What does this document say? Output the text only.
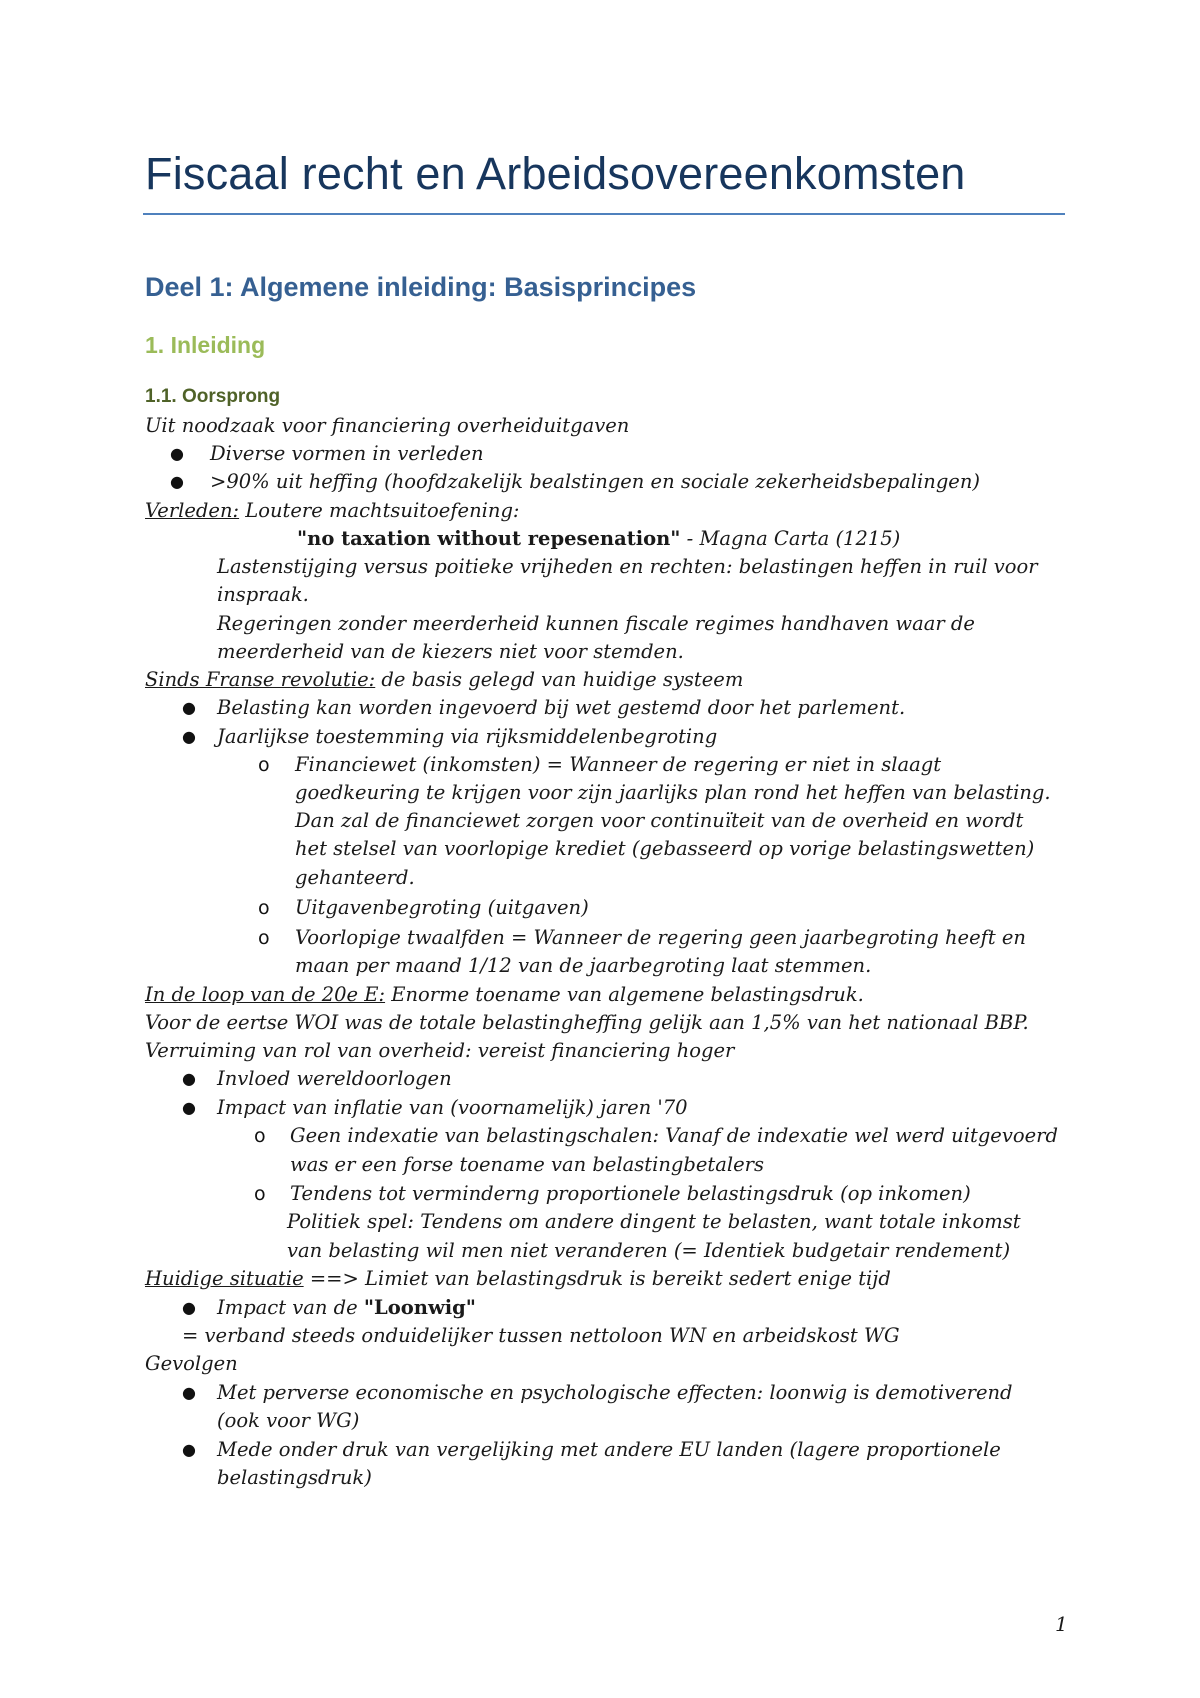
Fiscaal recht en Arbeidsovereenkomsten
Deel 1: Algemene inleiding: Basisprincipes
1. Inleiding
1.1. Oorsprong
Uit noodzaak voor financiering overheiduitgaven
● Diverse vormen in verleden
● >90% uit heffing (hoofdzakelijk bealstingen en sociale zekerheidsbepalingen)
Verleden: Loutere machtsuitoefening:
"no taxation without repesenation" - Magna Carta (1215)
Lastenstijging versus poitieke vrijheden en rechten: belastingen heffen in ruil voor
inspraak.
Regeringen zonder meerderheid kunnen fiscale regimes handhaven waar de
meerderheid van de kiezers niet voor stemden.
Sinds Franse revolutie: de basis gelegd van huidige systeem
● Belasting kan worden ingevoerd bij wet gestemd door het parlement.
● Jaarlijkse toestemming via rijksmiddelenbegroting
o Financiewet (inkomsten) = Wanneer de regering er niet in slaagt
goedkeuring te krijgen voor zijn jaarlijks plan rond het heffen van belasting.
Dan zal de financiewet zorgen voor continuïteit van de overheid en wordt
het stelsel van voorlopige krediet (gebasseerd op vorige belastingswetten)
gehanteerd.
o Uitgavenbegroting (uitgaven)
o Voorlopige twaalfden = Wanneer de regering geen jaarbegroting heeft en
maan per maand 1/12 van de jaarbegroting laat stemmen.
In de loop van de 20e E: Enorme toename van algemene belastingsdruk.
Voor de eertse WOI was de totale belastingheffing gelijk aan 1,5% van het nationaal BBP.
Verruiming van rol van overheid: vereist financiering hoger
● Invloed wereldoorlogen
● Impact van inflatie van (voornamelijk) jaren '70
o Geen indexatie van belastingschalen: Vanaf de indexatie wel werd uitgevoerd
was er een forse toename van belastingbetalers
o Tendens tot verminderng proportionele belastingsdruk (op inkomen)
Politiek spel: Tendens om andere dingent te belasten, want totale inkomst
van belasting wil men niet veranderen (= Identiek budgetair rendement)
Huidige situatie ==> Limiet van belastingsdruk is bereikt sedert enige tijd
● Impact van de "Loonwig"
= verband steeds onduidelijker tussen nettoloon WN en arbeidskost WG
Gevolgen
● Met perverse economische en psychologische effecten: loonwig is demotiverend
(ook voor WG)
● Mede onder druk van vergelijking met andere EU landen (lagere proportionele
belastingsdruk)
1
